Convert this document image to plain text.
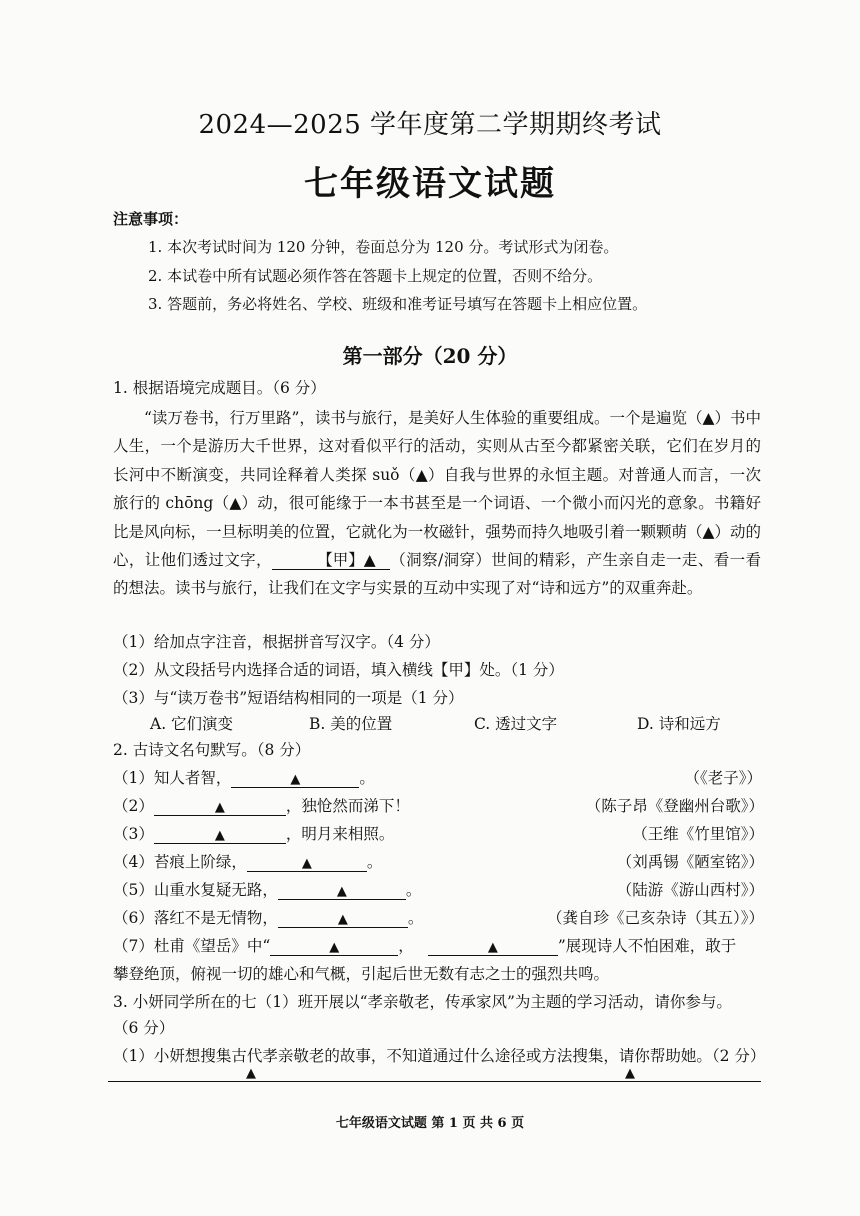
2024—2025 学年度第二学期期终考试
七年级语文试题
注意事项：
1. 本次考试时间为 120 分钟，卷面总分为 120 分。考试形式为闭卷。
2. 本试卷中所有试题必须作答在答题卡上规定的位置，否则不给分。
3. 答题前，务必将姓名、学校、班级和准考证号填写在答题卡上相应位置。
第一部分（20 分）
1. 根据语境完成题目。（6 分）
“读万卷书，行万里路”，读书与旅行，是美好人生体验的重要组成。一个是遍览（▲）书中人生，一个是游历大千世界，这对看似平行的活动，实则从古至今都紧密关联，它们在岁月的长河中不断演变，共同诠释着人类探 suǒ（▲）自我与世界的永恒主题。对普通人而言，一次旅行的 chōng（▲）动，很可能缘于一本书甚至是一个词语、一个微小而闪光的意象。书籍好比是风向标，一旦标明美的位置，它就化为一枚磁针，强势而持久地吸引着一颗颗萌（▲）动的心，让他们透过文字，	【甲】▲ （洞察/洞穿）世间的精彩，产生亲自走一走、看一看的想法。读书与旅行，让我们在文字与实景的互动中实现了对“诗和远方”的双重奔赴。
（1）给加点字注音，根据拼音写汉字。（4 分）
（2）从文段括号内选择合适的词语，填入横线【甲】处。（1 分）
（3）与“读万卷书”短语结构相同的一项是（1 分）
A. 它们演变	B. 美的位置	C. 透过文字	D. 诗和远方
2. 古诗文名句默写。（8 分）
（1）知人者智，	▲	。	（《老子》）
（2）	▲	，独怆然而涕下！	（陈子昂《登幽州台歌》）
（3）	▲	，明月来相照。	（王维《竹里馆》）
（4）苔痕上阶绿，	▲	。	（刘禹锡《陋室铭》）
（5）山重水复疑无路，	▲	。	（陆游《游山西村》）
（6）落红不是无情物，	▲	。	（龚自珍《己亥杂诗（其五）》）
（7）杜甫《望岳》中“	▲	，	▲	”展现诗人不怕困难，敢于
攀登绝顶，俯视一切的雄心和气概，引起后世无数有志之士的强烈共鸣。
3. 小妍同学所在的七（1）班开展以“孝亲敬老，传承家风”为主题的学习活动，请你参与。
（6 分）
（1）小妍想搜集古代孝亲敬老的故事，不知道通过什么途径或方法搜集，请你帮助她。（2 分）
▲	▲
七年级语文试题 第 1 页 共 6 页
